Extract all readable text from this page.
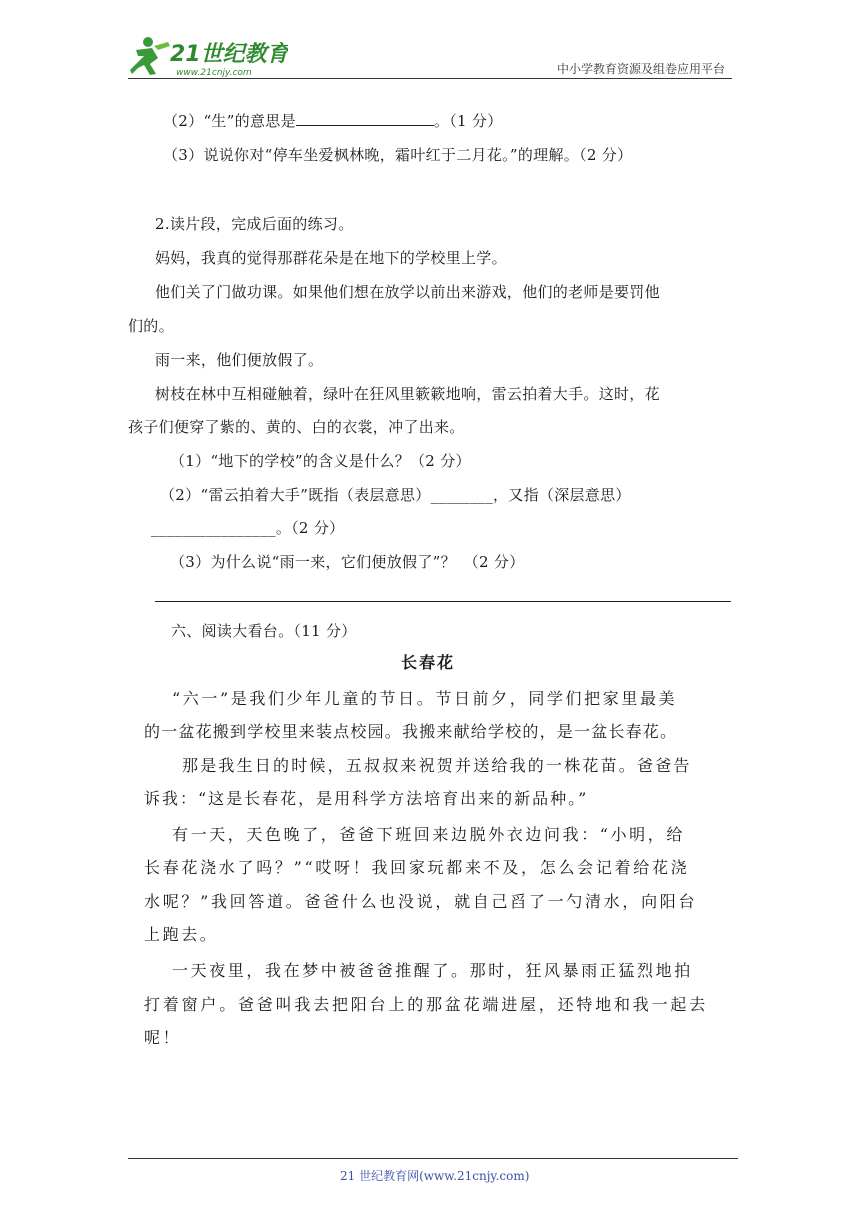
21世纪教育
www.21cnjy.com	中小学教育资源及组卷应用平台
（2）“生”的意思是	。（1 分）
（3）说说你对“停车坐爱枫林晚，霜叶红于二月花。”的理解。（2 分）
2.读片段，完成后面的练习。
妈妈，我真的觉得那群花朵是在地下的学校里上学。
他们关了门做功课。如果他们想在放学以前出来游戏，他们的老师是要罚他
们的。
雨一来，他们便放假了。
树枝在林中互相碰触着，绿叶在狂风里簌簌地响，雷云拍着大手。这时，花
孩子们便穿了紫的、黄的、白的衣裳，冲了出来。
（1）“地下的学校”的含义是什么？（2 分）
（2）“雷云拍着大手”既指（表层意思）________，又指（深层意思）
________________。（2 分）
（3）为什么说“雨一来，它们便放假了”？　（2 分）
六、阅读大看台。（11 分）
长春花
“六一”是我们少年儿童的节日。节日前夕，同学们把家里最美
的一盆花搬到学校里来装点校园。我搬来献给学校的，是一盆长春花。
那是我生日的时候，五叔叔来祝贺并送给我的一株花苗。爸爸告
诉我：“这是长春花，是用科学方法培育出来的新品种。”
有一天，天色晚了，爸爸下班回来边脱外衣边问我：“小明，给
长春花浇水了吗？”“哎呀！我回家玩都来不及，怎么会记着给花浇
水呢？”我回答道。爸爸什么也没说，就自己舀了一勺清水，向阳台
上跑去。
一天夜里，我在梦中被爸爸推醒了。那时，狂风暴雨正猛烈地拍
打着窗户。爸爸叫我去把阳台上的那盆花端进屋，还特地和我一起去
呢！
21 世纪教育网(www.21cnjy.com)
